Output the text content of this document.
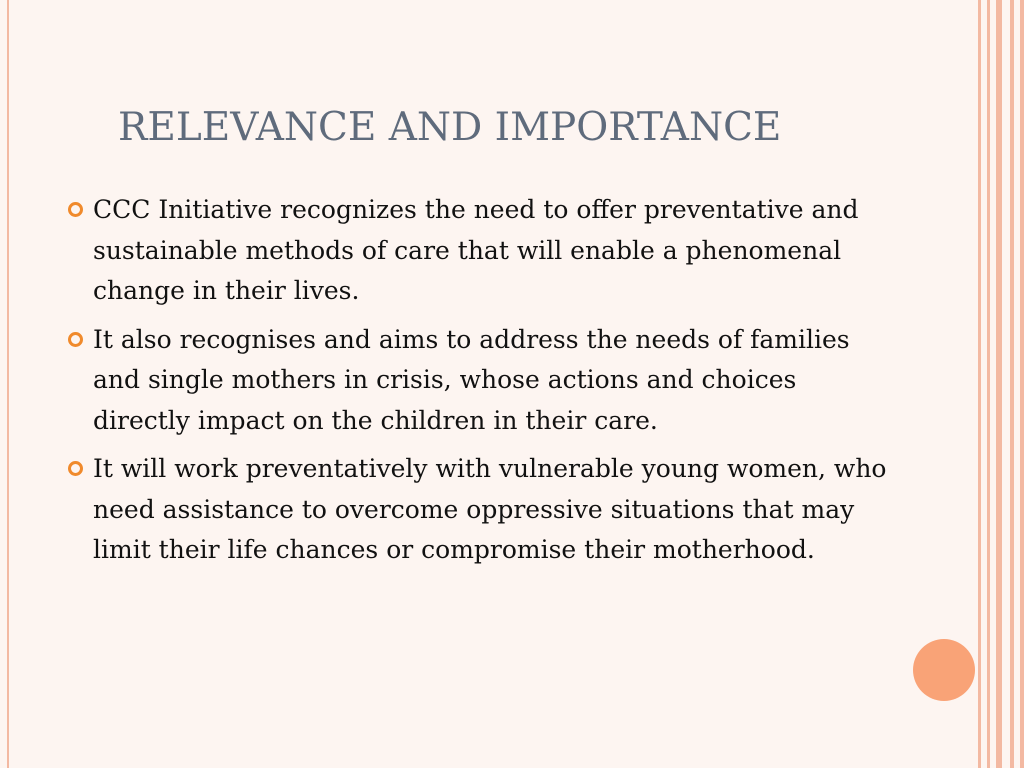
RELEVANCE AND IMPORTANCE
CCC Initiative recognizes the need to offer preventative and sustainable methods of care that will enable a phenomenal change in their lives.
It also recognises and aims to address the needs of families and single mothers in crisis, whose actions and choices directly impact on the children in their care.
It will work preventatively with vulnerable young women, who need assistance to overcome oppressive situations that may limit their life chances or compromise their motherhood.
